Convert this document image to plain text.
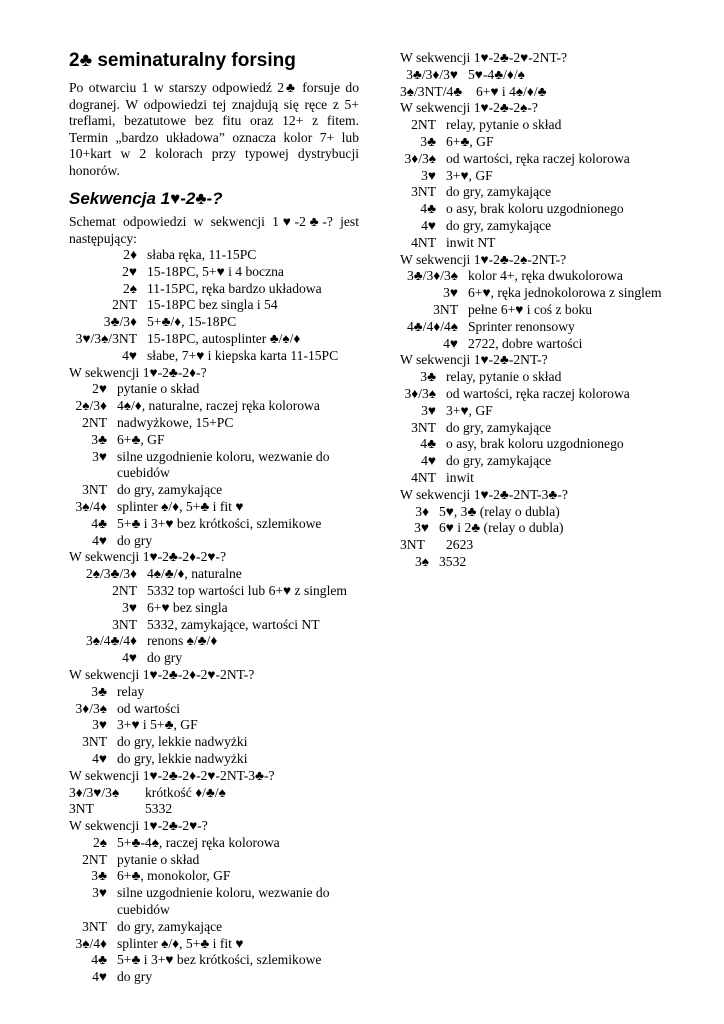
2♣ seminaturalny forsing

Po otwarciu 1 w starszy odpowiedź 2♣ forsuje do dogranej. W odpowiedzi tej znajdują się ręce z 5+ treflami, bezatutowe bez fitu oraz 12+ z fitem. Termin „bardzo układowa” oznacza kolor 7+ lub 10+kart w 2 kolorach przy typowej dystrybucji honorów.

Sekwencja 1♥-2♣-?

Schemat odpowiedzi w sekwencji 1♥-2♣-? jest następujący:

2♦ słaba ręka, 11-15PC
2♥ 15-18PC, 5+♥ i 4 boczna
2♠ 11-15PC, ręka bardzo układowa
2NT 15-18PC bez singla i 54
3♣/3♦ 5+♣/♦, 15-18PC
3♥/3♠/3NT 15-18PC, autosplinter ♣/♠/♦
4♥ słabe, 7+♥ i kiepska karta 11-15PC
W sekwencji 1♥-2♣-2♦-?
2♥ pytanie o skład
2♠/3♦ 4♠/♦, naturalne, raczej ręka kolorowa
2NT nadwyżkowe, 15+PC
3♣ 6+♣, GF
3♥ silne uzgodnienie koloru, wezwanie do cuebidów
3NT do gry, zamykające
3♠/4♦ splinter ♠/♦, 5+♣ i fit ♥
4♣ 5+♣ i 3+♥ bez krótkości, szlemikowe
4♥ do gry
W sekwencji 1♥-2♣-2♦-2♥-?
2♠/3♣/3♦ 4♠/♣/♦, naturalne
2NT 5332 top wartości lub 6+♥ z singlem
3♥ 6+♥ bez singla
3NT 5332, zamykające, wartości NT
3♠/4♣/4♦ renons ♠/♣/♦
4♥ do gry
W sekwencji 1♥-2♣-2♦-2♥-2NT-?
3♣ relay
3♦/3♠ od wartości
3♥ 3+♥ i 5+♣, GF
3NT do gry, lekkie nadwyżki
4♥ do gry, lekkie nadwyżki
W sekwencji 1♥-2♣-2♦-2♥-2NT-3♣-?
3♦/3♥/3♠	krótkość ♦/♣/♠
3NT	5332
W sekwencji 1♥-2♣-2♥-?
2♠ 5+♣-4♠, raczej ręka kolorowa
2NT pytanie o skład
3♣ 6+♣, monokolor, GF
3♥ silne uzgodnienie koloru, wezwanie do cuebidów
3NT do gry, zamykające
3♠/4♦ splinter ♠/♦, 5+♣ i fit ♥
4♣ 5+♣ i 3+♥ bez krótkości, szlemikowe
4♥ do gry
W sekwencji 1♥-2♣-2♥-2NT-?
3♣/3♦/3♥ 5♥-4♣/♦/♠
3♠/3NT/4♣	6+♥ i 4♠/♦/♣
W sekwencji 1♥-2♣-2♠-?
2NT relay, pytanie o skład
3♣ 6+♣, GF
3♦/3♠ od wartości, ręka raczej kolorowa
3♥ 3+♥, GF
3NT do gry, zamykające
4♣ o asy, brak koloru uzgodnionego
4♥ do gry, zamykające
4NT inwit NT
W sekwencji 1♥-2♣-2♠-2NT-?
3♣/3♦/3♠ kolor 4+, ręka dwukolorowa
3♥ 6+♥, ręka jednokolorowa z singlem
3NT pełne 6+♥ i coś z boku
4♣/4♦/4♠ Sprinter renonsowy
4♥ 2722, dobre wartości
W sekwencji 1♥-2♣-2NT-?
3♣ relay, pytanie o skład
3♦/3♠ od wartości, ręka raczej kolorowa
3♥ 3+♥, GF
3NT do gry, zamykające
4♣ o asy, brak koloru uzgodnionego
4♥ do gry, zamykające
4NT inwit
W sekwencji 1♥-2♣-2NT-3♣-?
3♦ 5♥, 3♣ (relay o dubla)
3♥ 6♥ i 2♣ (relay o dubla)
3NT	2623
3♠ 3532
